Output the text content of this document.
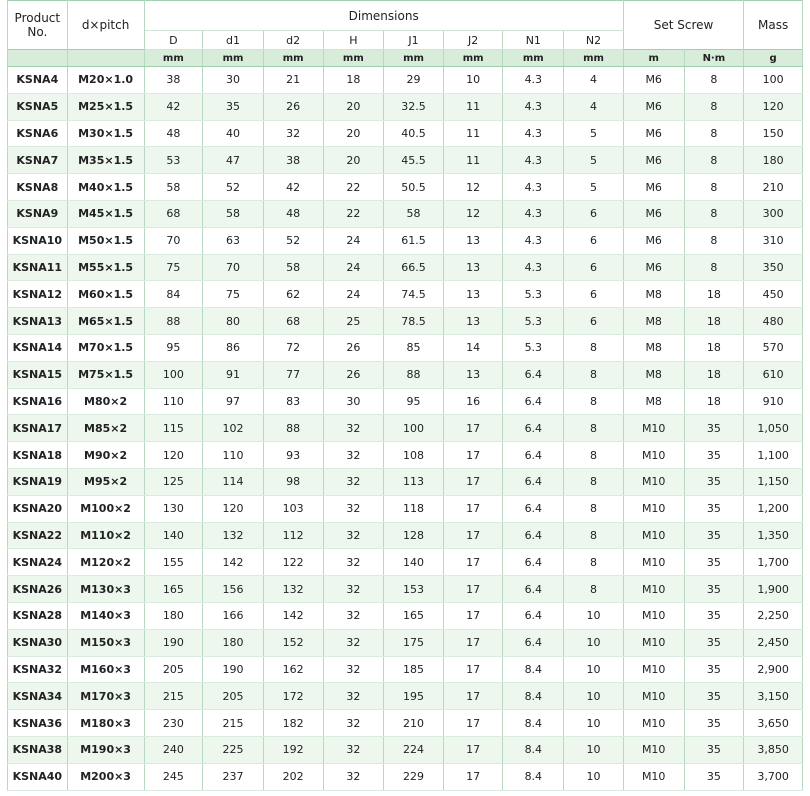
Product No.	d×pitch	Dimensions								Set Screw		Mass
		D	d1	d2	H	J1	J2	N1	N2			
		mm	mm	mm	mm	mm	mm	mm	mm	m	N·m	g
KSNA4	M20×1.0	38	30	21	18	29	10	4.3	4	M6	8	100
KSNA5	M25×1.5	42	35	26	20	32.5	11	4.3	4	M6	8	120
KSNA6	M30×1.5	48	40	32	20	40.5	11	4.3	5	M6	8	150
KSNA7	M35×1.5	53	47	38	20	45.5	11	4.3	5	M6	8	180
KSNA8	M40×1.5	58	52	42	22	50.5	12	4.3	5	M6	8	210
KSNA9	M45×1.5	68	58	48	22	58	12	4.3	6	M6	8	300
KSNA10	M50×1.5	70	63	52	24	61.5	13	4.3	6	M6	8	310
KSNA11	M55×1.5	75	70	58	24	66.5	13	4.3	6	M6	8	350
KSNA12	M60×1.5	84	75	62	24	74.5	13	5.3	6	M8	18	450
KSNA13	M65×1.5	88	80	68	25	78.5	13	5.3	6	M8	18	480
KSNA14	M70×1.5	95	86	72	26	85	14	5.3	8	M8	18	570
KSNA15	M75×1.5	100	91	77	26	88	13	6.4	8	M8	18	610
KSNA16	M80×2	110	97	83	30	95	16	6.4	8	M8	18	910
KSNA17	M85×2	115	102	88	32	100	17	6.4	8	M10	35	1,050
KSNA18	M90×2	120	110	93	32	108	17	6.4	8	M10	35	1,100
KSNA19	M95×2	125	114	98	32	113	17	6.4	8	M10	35	1,150
KSNA20	M100×2	130	120	103	32	118	17	6.4	8	M10	35	1,200
KSNA22	M110×2	140	132	112	32	128	17	6.4	8	M10	35	1,350
KSNA24	M120×2	155	142	122	32	140	17	6.4	8	M10	35	1,700
KSNA26	M130×3	165	156	132	32	153	17	6.4	8	M10	35	1,900
KSNA28	M140×3	180	166	142	32	165	17	6.4	10	M10	35	2,250
KSNA30	M150×3	190	180	152	32	175	17	6.4	10	M10	35	2,450
KSNA32	M160×3	205	190	162	32	185	17	8.4	10	M10	35	2,900
KSNA34	M170×3	215	205	172	32	195	17	8.4	10	M10	35	3,150
KSNA36	M180×3	230	215	182	32	210	17	8.4	10	M10	35	3,650
KSNA38	M190×3	240	225	192	32	224	17	8.4	10	M10	35	3,850
KSNA40	M200×3	245	237	202	32	229	17	8.4	10	M10	35	3,700
